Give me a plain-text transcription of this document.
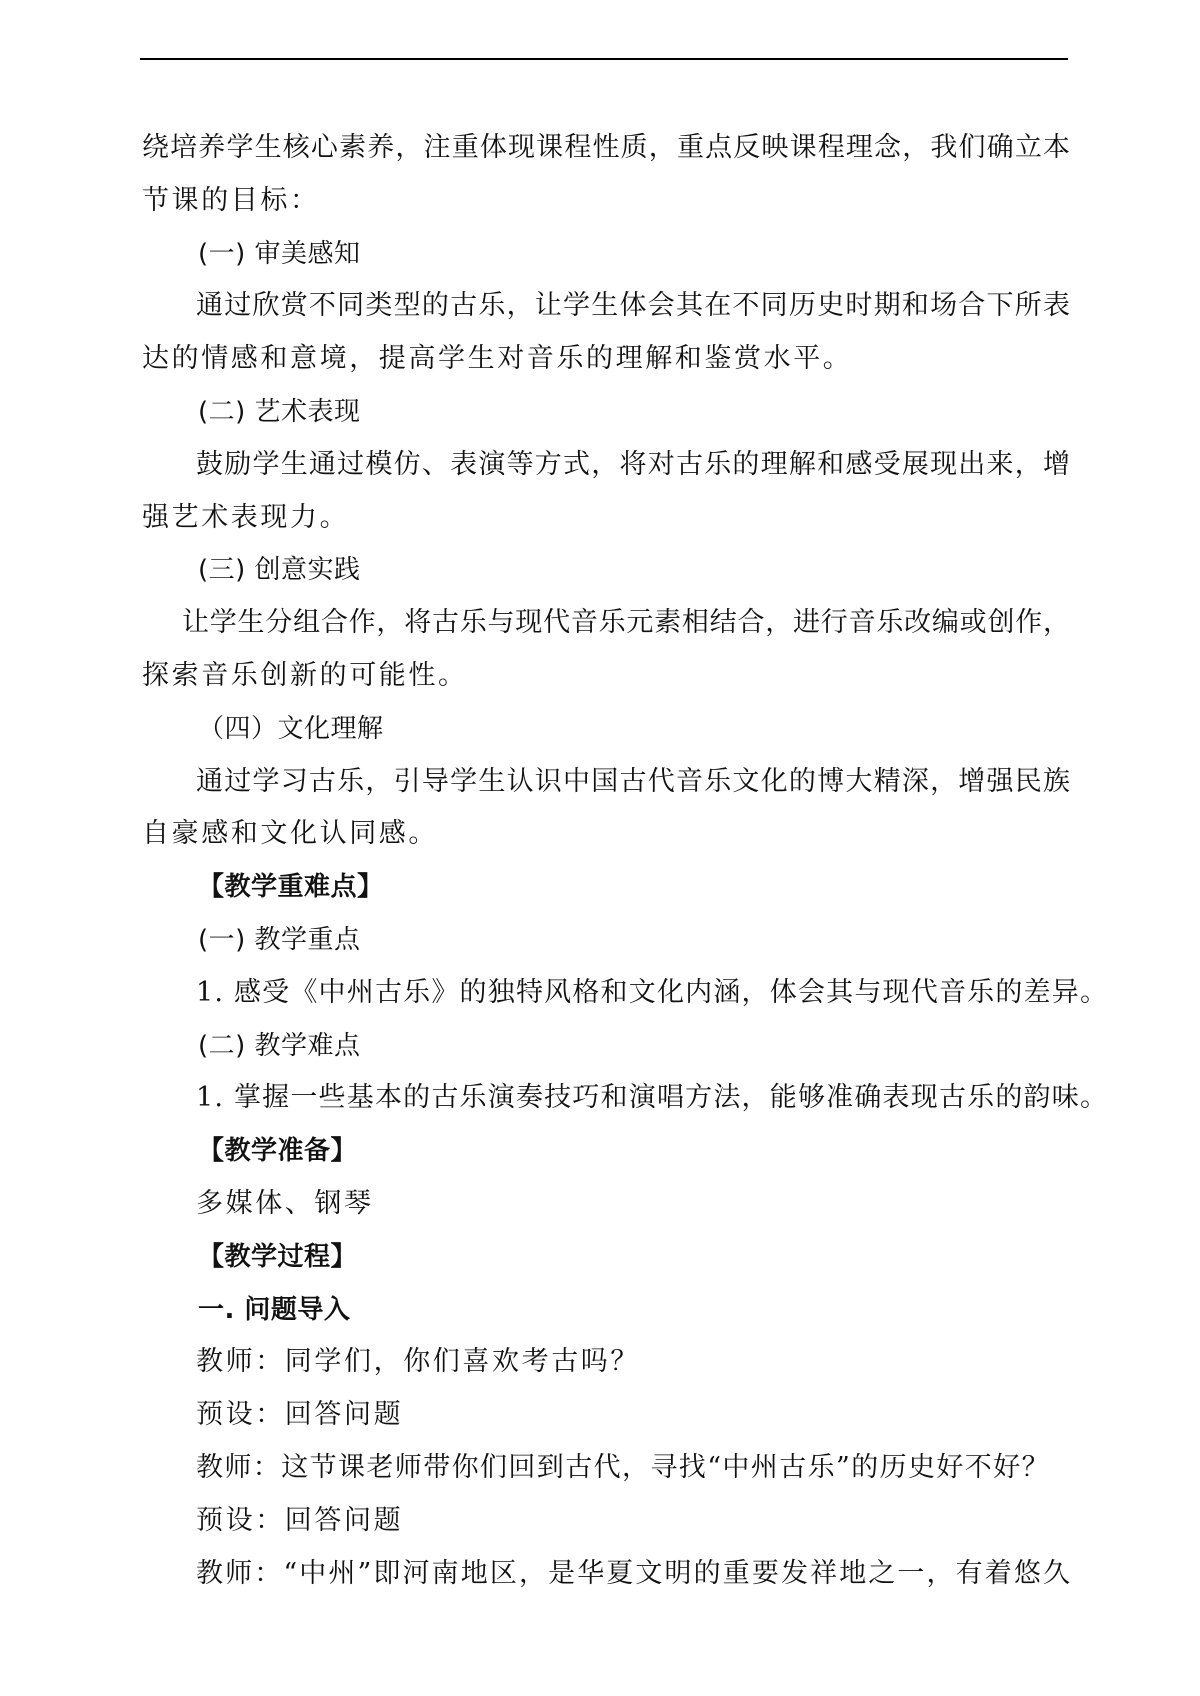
绕培养学生核心素养，注重体现课程性质，重点反映课程理念，我们确立本
节课的目标：
(一) 审美感知
通过欣赏不同类型的古乐，让学生体会其在不同历史时期和场合下所表
达的情感和意境，提高学生对音乐的理解和鉴赏水平。
(二) 艺术表现
鼓励学生通过模仿、表演等方式，将对古乐的理解和感受展现出来，增
强艺术表现力。
(三) 创意实践
让学生分组合作，将古乐与现代音乐元素相结合，进行音乐改编或创作，
探索音乐创新的可能性。
（四）文化理解
通过学习古乐，引导学生认识中国古代音乐文化的博大精深，增强民族
自豪感和文化认同感。
【教学重难点】
(一) 教学重点
1. 感受《中州古乐》的独特风格和文化内涵，体会其与现代音乐的差异。
(二) 教学难点
1. 掌握一些基本的古乐演奏技巧和演唱方法，能够准确表现古乐的韵味。
【教学准备】
多媒体、钢琴
【教学过程】
一. 问题导入
教师：同学们，你们喜欢考古吗？
预设：回答问题
教师：这节课老师带你们回到古代，寻找“中州古乐”的历史好不好？
预设：回答问题
教师：“中州”即河南地区，是华夏文明的重要发祥地之一，有着悠久
